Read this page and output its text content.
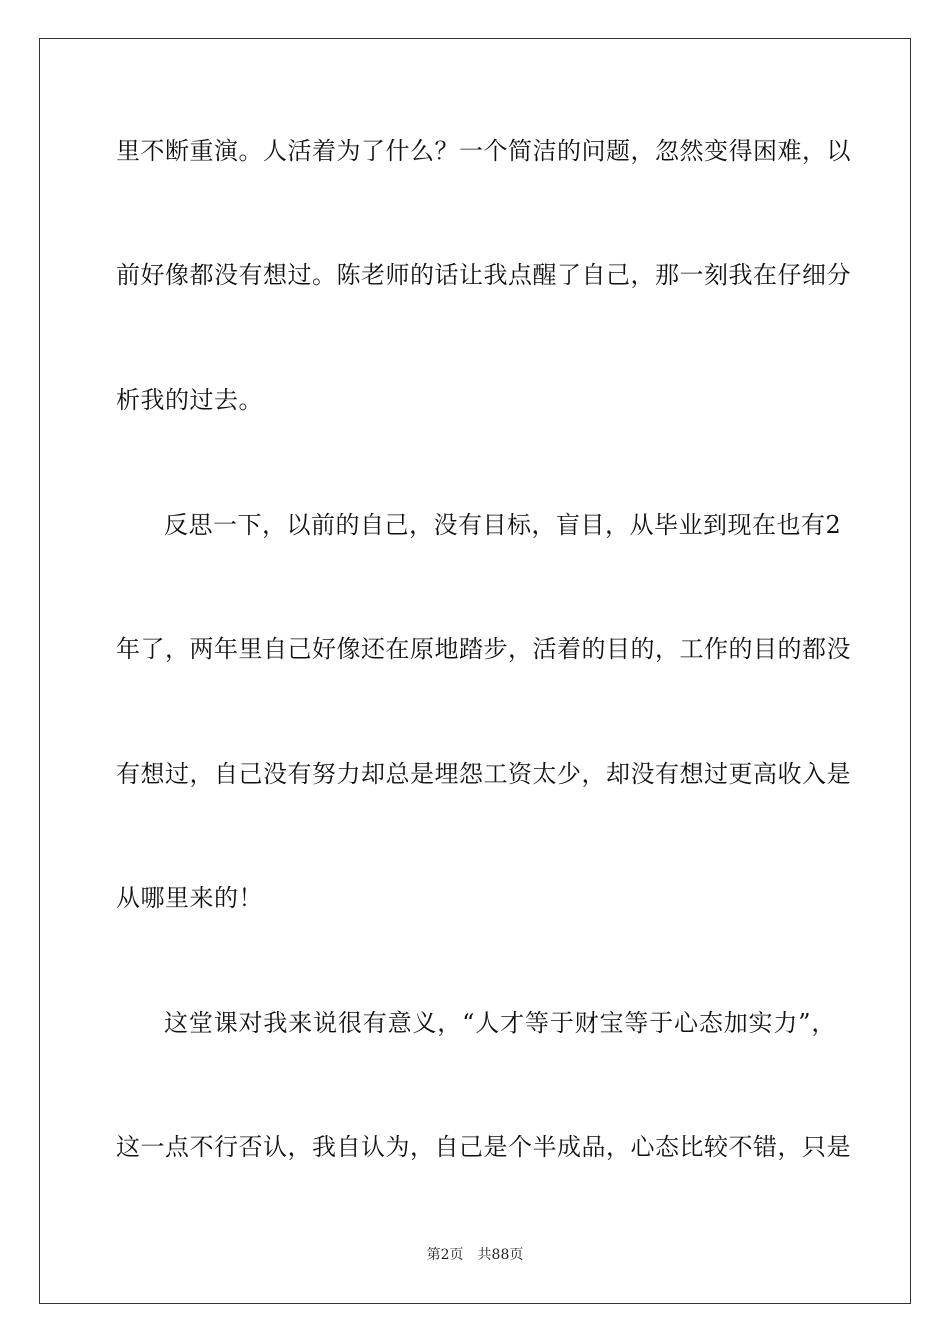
里 不 断 重 演 。 人 活 着 为 了 什 么 ？ 一 个 简 洁 的 问 题 ， 忽 然 变 得 困 难 ， 以
前 好 像 都 没 有 想 过 。 陈 老 师 的 话 让 我 点 醒 了 自 己 ， 那 一 刻 我 在 仔 细 分
析我的过去。
反 思 一 下 ， 以 前 的 自 己 ， 没 有 目 标 ， 盲 目 ， 从 毕 业 到 现 在 也 有 2
年 了 ， 两 年 里 自 己 好 像 还 在 原 地 踏 步 ， 活 着 的 目 的 ， 工 作 的 目 的 都 没
有 想 过 ， 自 己 没 有 努 力 却 总 是 埋 怨 工 资 太 少 ， 却 没 有 想 过 更 高 收 入 是
从哪里来的！
这 堂 课 对 我 来 说 很 有 意 义 ， “ 人 才 等 于 财 宝 等 于 心 态 加 实 力 ” ，
这 一 点 不 行 否 认 ， 我 自 认 为 ， 自 己 是 个 半 成 品 ， 心 态 比 较 不 错 ， 只 是
第2页 共88页
